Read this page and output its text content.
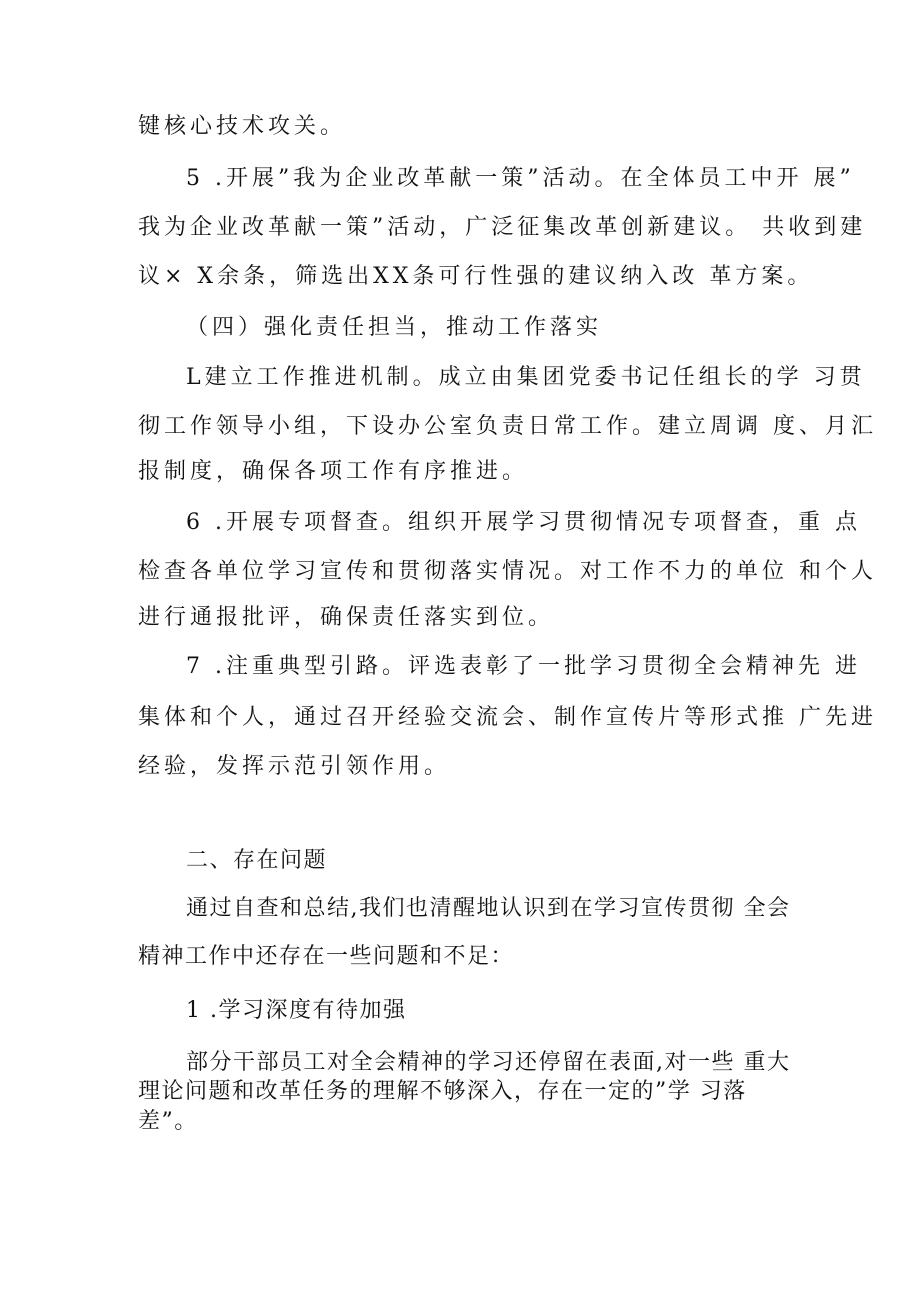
键核心技术攻关。
5 .开展”我为企业改革献一策”活动。在全体员工中开 展”
我为企业改革献一策”活动，广泛征集改革创新建议。 共收到建
议× X余条，筛选出XX条可行性强的建议纳入改 革方案。
（四）强化责任担当，推动工作落实
L建立工作推进机制。成立由集团党委书记任组长的学 习贯
彻工作领导小组，下设办公室负责日常工作。建立周调 度、月汇
报制度，确保各项工作有序推进。
6 .开展专项督查。组织开展学习贯彻情况专项督查，重 点
检查各单位学习宣传和贯彻落实情况。对工作不力的单位 和个人
进行通报批评，确保责任落实到位。
7 .注重典型引路。评选表彰了一批学习贯彻全会精神先 进
集体和个人，通过召开经验交流会、制作宣传片等形式推 广先进
经验，发挥示范引领作用。
二、存在问题
通过自查和总结,我们也清醒地认识到在学习宣传贯彻 全会
精神工作中还存在一些问题和不足：
1 .学习深度有待加强
部分干部员工对全会精神的学习还停留在表面,对一些 重大
理论问题和改革任务的理解不够深入，存在一定的”学 习落
差”。
